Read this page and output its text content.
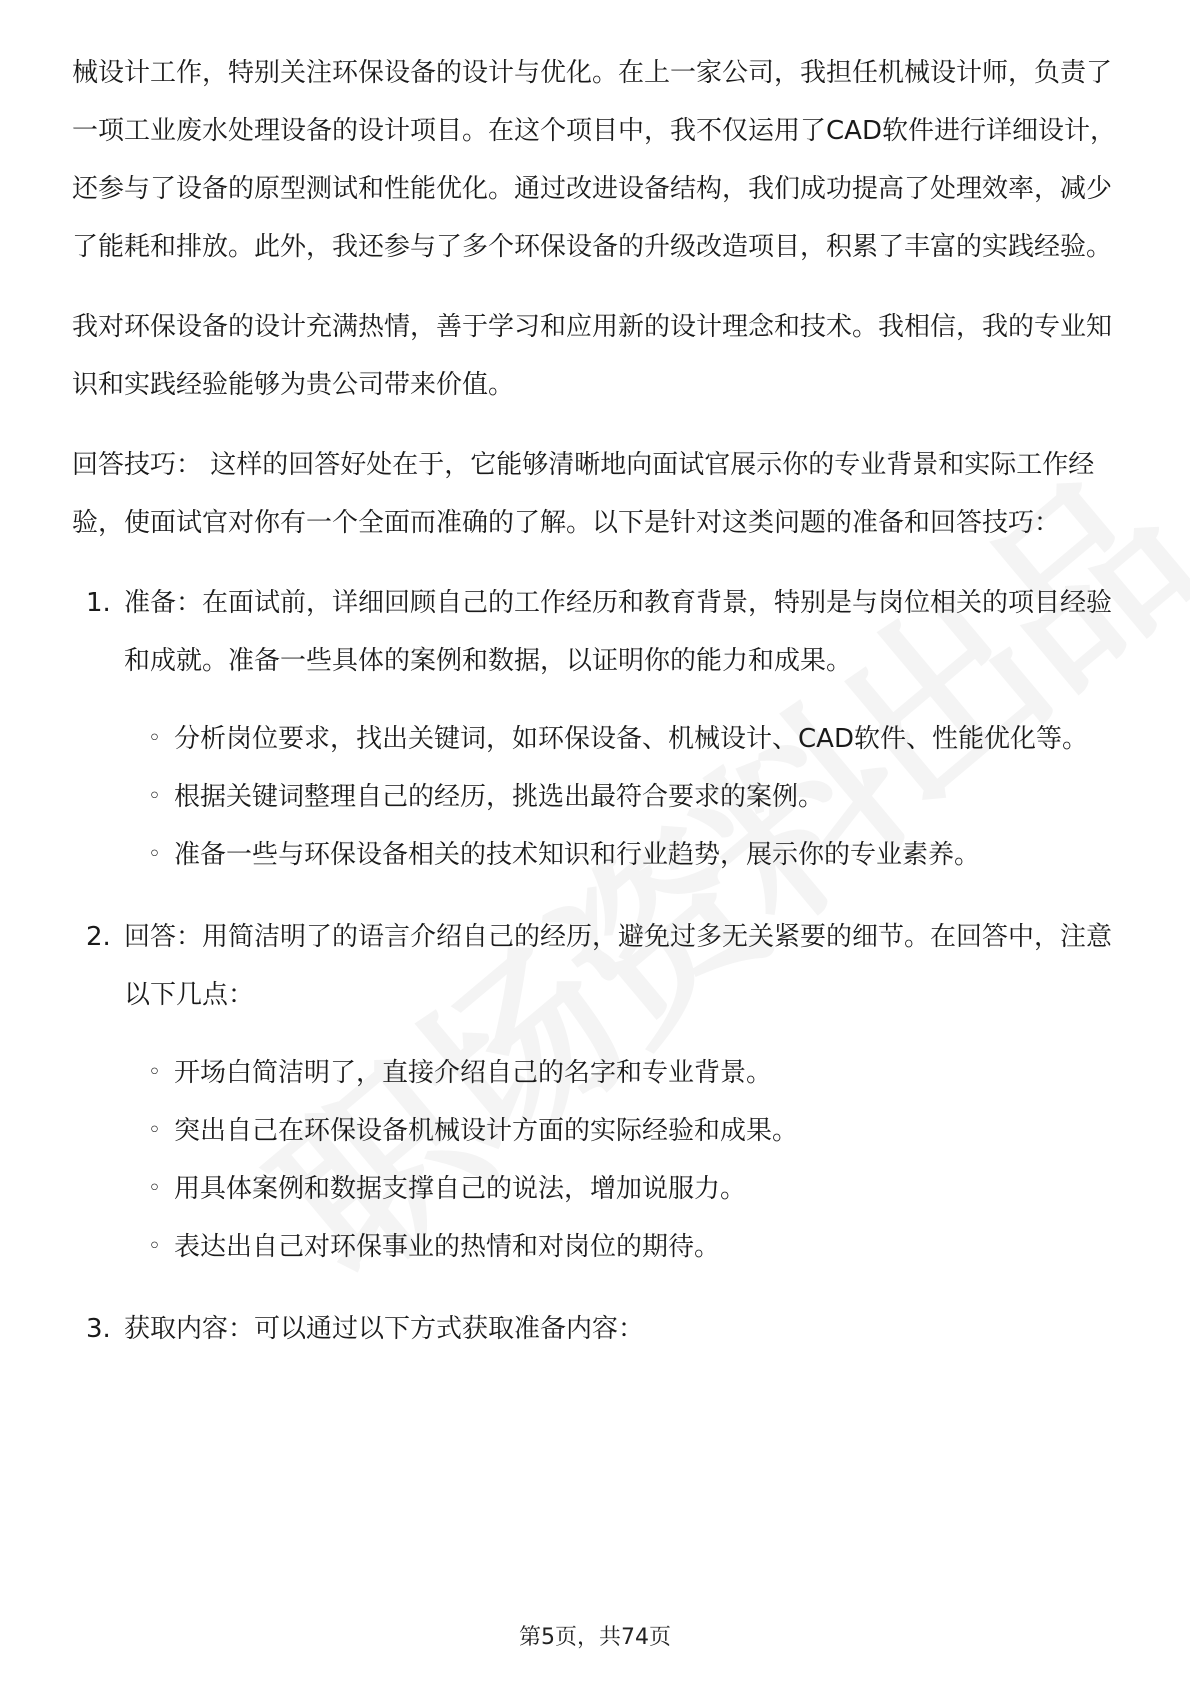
械设计工作，特别关注环保设备的设计与优化。在上一家公司，我担任机械设计师，负责了一项工业废水处理设备的设计项目。在这个项目中，我不仅运用了CAD软件进行详细设计，还参与了设备的原型测试和性能优化。通过改进设备结构，我们成功提高了处理效率，减少了能耗和排放。此外，我还参与了多个环保设备的升级改造项目，积累了丰富的实践经验。

我对环保设备的设计充满热情，善于学习和应用新的设计理念和技术。我相信，我的专业知识和实践经验能够为贵公司带来价值。

回答技巧： 这样的回答好处在于，它能够清晰地向面试官展示你的专业背景和实际工作经验，使面试官对你有一个全面而准确的了解。以下是针对这类问题的准备和回答技巧：

1. 准备：在面试前，详细回顾自己的工作经历和教育背景，特别是与岗位相关的项目经验和成就。准备一些具体的案例和数据，以证明你的能力和成果。
◦ 分析岗位要求，找出关键词，如环保设备、机械设计、CAD软件、性能优化等。
◦ 根据关键词整理自己的经历，挑选出最符合要求的案例。
◦ 准备一些与环保设备相关的技术知识和行业趋势，展示你的专业素养。
2. 回答：用简洁明了的语言介绍自己的经历，避免过多无关紧要的细节。在回答中，注意以下几点：
◦ 开场白简洁明了，直接介绍自己的名字和专业背景。
◦ 突出自己在环保设备机械设计方面的实际经验和成果。
◦ 用具体案例和数据支撑自己的说法，增加说服力。
◦ 表达出自己对环保事业的热情和对岗位的期待。
3. 获取内容：可以通过以下方式获取准备内容：
第5页，共74页
